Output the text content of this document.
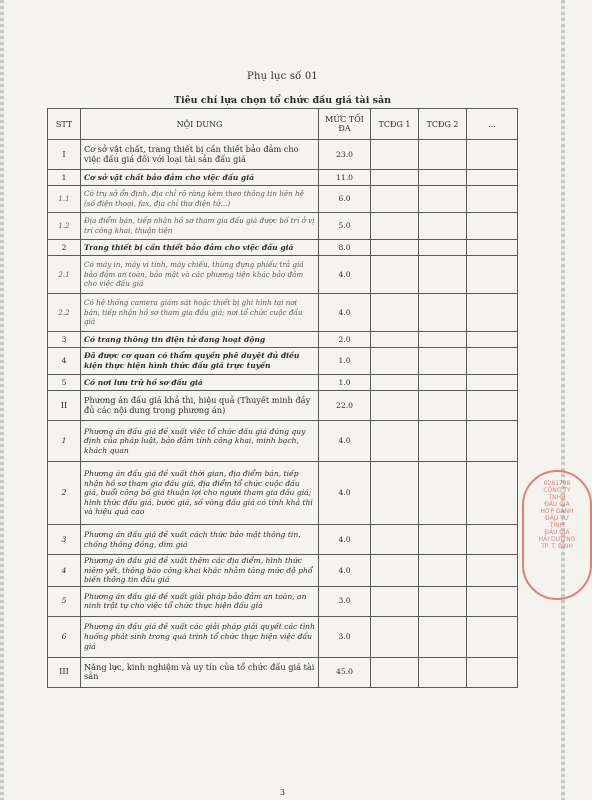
Phụ lục số 01
Tiêu chí lựa chọn tổ chức đấu giá tài sản
STT	NỘI DUNG	MỨC TỐI ĐA	TCĐG 1	TCĐG 2	...
I	Cơ sở vật chất, trang thiết bị cần thiết bảo đảm cho việc đấu giá đối với loại tài sản đấu giá	23.0			
1	Cơ sở vật chất bảo đảm cho việc đấu giá	11.0			
1.1	Có trụ sở ổn định, địa chỉ rõ ràng kèm theo thông tin liên hệ (số điện thoại, fax, địa chỉ thư điện tử...)	6.0			
1.2	Địa điểm bán, tiếp nhận hồ sơ tham gia đấu giá được bố trí ở vị trí công khai, thuận tiện	5.0			
2	Trang thiết bị cần thiết bảo đảm cho việc đấu giá	8.0			
2.1	Có máy in, máy vi tính, máy chiếu, thùng đựng phiếu trả giá bảo đảm an toàn, bảo mật và các phương tiện khác bảo đảm cho việc đấu giá	4.0			
2.2	Có hệ thống camera giám sát hoặc thiết bị ghi hình tại nơi bán, tiếp nhận hồ sơ tham gia đấu giá; nơi tổ chức cuộc đấu giá	4.0			
3	Có trang thông tin điện tử đang hoạt động	2.0			
4	Đã được cơ quan có thẩm quyền phê duyệt đủ điều kiện thực hiện hình thức đấu giá trực tuyến	1.0			
5	Có nơi lưu trữ hồ sơ đấu giá	1.0			
II	Phương án đấu giá khả thi, hiệu quả (Thuyết minh đầy đủ các nội dung trong phương án)	22.0			
1	Phương án đấu giá đề xuất việc tổ chức đấu giá đúng quy định của pháp luật, bảo đảm tính công khai, minh bạch, khách quan	4.0			
2	Phương án đấu giá đề xuất thời gian, địa điểm bán, tiếp nhận hồ sơ tham gia đấu giá, địa điểm tổ chức cuộc đấu giá, buổi công bố giá thuận lợi cho người tham gia đấu giá; hình thức đấu giá, bước giá, số vòng đấu giá có tính khả thi và hiệu quả cao	4.0			
3	Phương án đấu giá đề xuất cách thức bảo mật thông tin, chống thông đồng, dìm giá	4.0			
4	Phương án đấu giá đề xuất thêm các địa điểm, hình thức niêm yết, thông báo công khai khác nhằm tăng mức độ phổ biến thông tin đấu giá	4.0			
5	Phương án đấu giá đề xuất giải pháp bảo đảm an toàn, an ninh trật tự cho việc tổ chức thực hiện đấu giá	3.0			
6	Phương án đấu giá đề xuất các giải pháp giải quyết các tình huống phát sinh trong quá trình tổ chức thực hiện việc đấu giá	3.0			
III	Năng lực, kinh nghiệm và uy tín của tổ chức đấu giá tài sản	45.0			
0281798
CÔNG TY
TNHH
ĐẤU GIÁ
HỢP DANH
ĐẦU TƯ
TỈNH
ĐẤU GIÁ
HẢI DƯƠNG
TP. T. BÌNH
3
